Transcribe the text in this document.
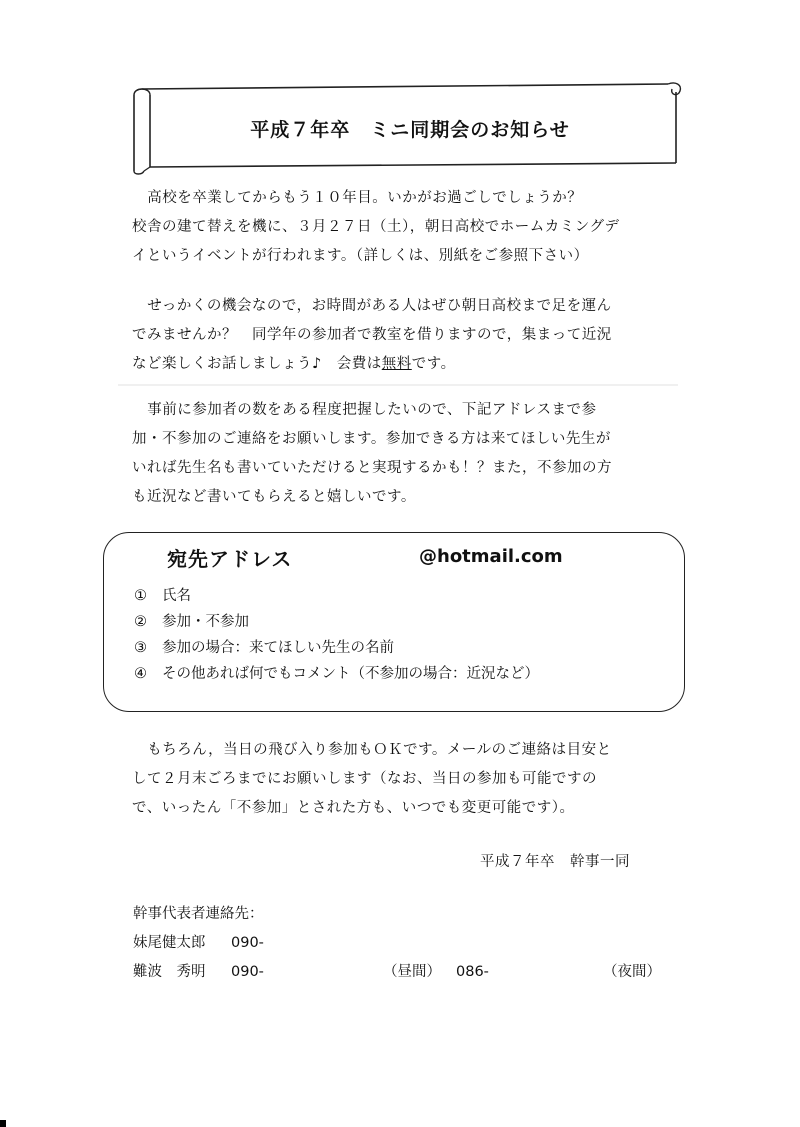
平成７年卒　ミニ同期会のお知らせ

高校を卒業してからもう１０年目。いかがお過ごしでしょうか？
校舎の建て替えを機に、３月２７日（土），朝日高校でホームカミングデ
イというイベントが行われます。（詳しくは、別紙をご参照下さい）

せっかくの機会なので，お時間がある人はぜひ朝日高校まで足を運ん
でみませんか？　同学年の参加者で教室を借りますので，集まって近況
など楽しくお話しましょう♪　会費は無料です。

事前に参加者の数をある程度把握したいので、下記アドレスまで参
加・不参加のご連絡をお願いします。参加できる方は来てほしい先生が
いれば先生名も書いていただけると実現するかも！？また，不参加の方
も近況など書いてもらえると嬉しいです。

宛先アドレス	@hotmail.com
① 氏名
② 参加・不参加
③ 参加の場合：来てほしい先生の名前
④ その他あれば何でもコメント（不参加の場合：近況など）

もちろん，当日の飛び入り参加もＯＫです。メールのご連絡は目安と
して２月末ごろまでにお願いします（なお、当日の参加も可能ですの
で、いったん「不参加」とされた方も、いつでも変更可能です）。

平成７年卒　幹事一同
幹事代表者連絡先：
妹尾健太郎 090-
難波　秀明 090-	（昼間） 086-	（夜間）
